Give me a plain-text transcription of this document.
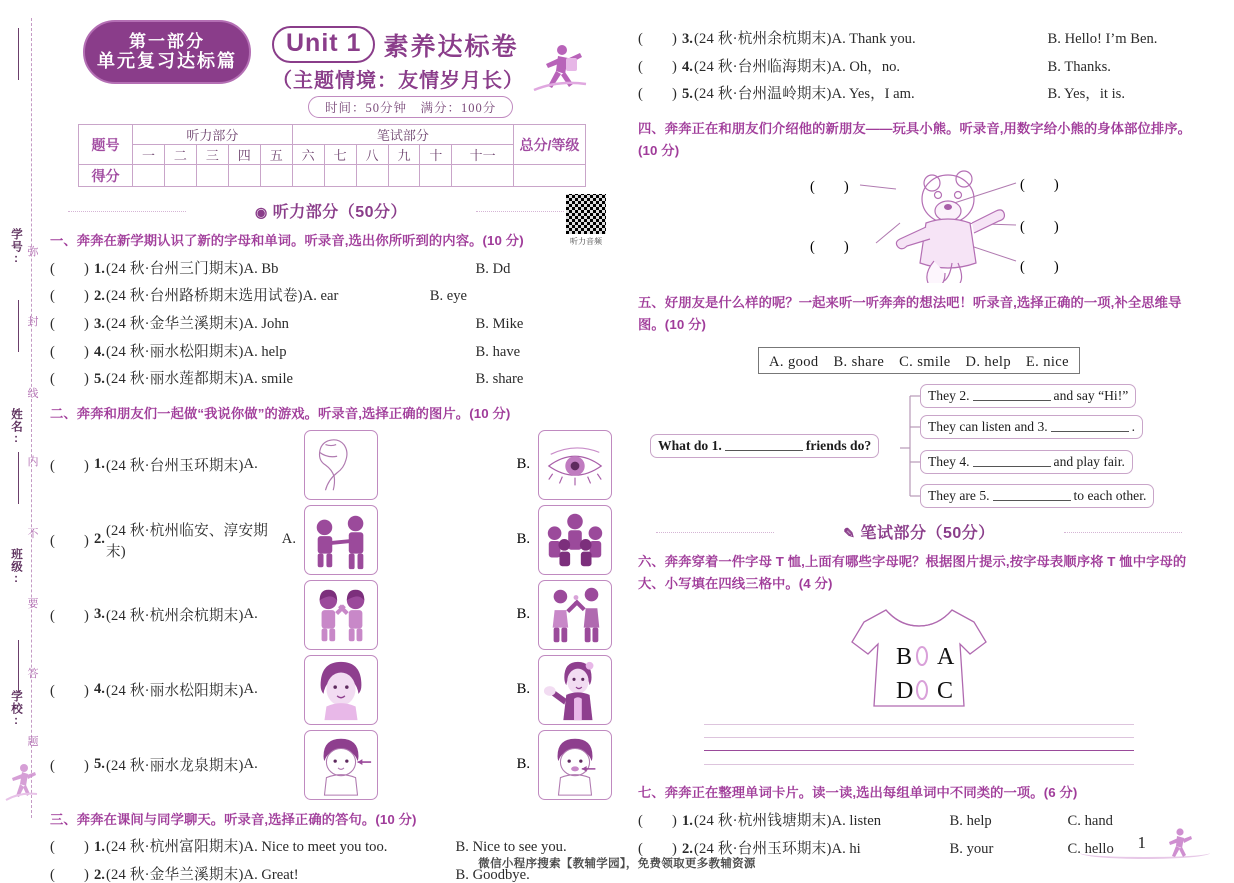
弥
封
线
内
不
要
答
题
学号:
姓名:
班级:
学校:
第一部分
单元复习达标篇
Unit 1 素养达标卷
（主题情境：友情岁月长）
时间：50分钟　满分：100分
题号	听力部分					笔试部分						总分/等级
	一	二	三	四	五	六	七	八	九	十	十一	
得分												
◉ 听力部分（50分）
听力音频
一、奔奔在新学期认识了新的字母和单词。听录音,选出你所听到的内容。(10 分)
(　　) 1. (24 秋·台州三门期末) A. Bb	B. Dd
(　　) 2. (24 秋·台州路桥期末选用试卷) A. ear	B. eye
(　　) 3. (24 秋·金华兰溪期末) A. John	B. Mike
(　　) 4. (24 秋·丽水松阳期末) A. help	B. have
(　　) 5. (24 秋·丽水莲都期末) A. smile	B. share
二、奔奔和朋友们一起做“我说你做”的游戏。听录音,选择正确的图片。(10 分)
(　　) 1. (24 秋·台州玉环期末) A.	B.
(　　) 2.
(24 秋·杭州临安、淳安期末)
A.	B.
(　　) 3. (24 秋·杭州余杭期末) A.	B.
(　　) 4. (24 秋·丽水松阳期末) A.	B.
(　　) 5. (24 秋·丽水龙泉期末) A.	B.
三、奔奔在课间与同学聊天。听录音,选择正确的答句。(10 分)
(　　) 1. (24 秋·杭州富阳期末) A. Nice to meet you too.	B. Nice to see you.
(　　) 2. (24 秋·金华兰溪期末) A. Great!	B. Goodbye.
(　　) 3. (24 秋·杭州余杭期末) A. Thank you.	B. Hello! I’m Ben.
(　　) 4. (24 秋·台州临海期末) A. Oh，no.	B. Thanks.
(　　) 5. (24 秋·台州温岭期末) A. Yes，I am.	B. Yes，it is.
四、奔奔正在和朋友们介绍他的新朋友——玩具小熊。听录音,用数字给小熊的身体部位排序。(10 分)
(　　)	(　　)
(　　)
(　　)
(　　)
五、好朋友是什么样的呢？一起来听一听奔奔的想法吧！听录音,选择正确的一项,补全思维导图。(10 分)
A. good　B. share　C. smile　D. help　E. nice
What do 1.	friends do?
They 2.	and say “Hi!”
They can listen and 3.	.
They 4.	and play fair.
They are 5.	to each other.
✎ 笔试部分（50分）
六、奔奔穿着一件字母 T 恤,上面有哪些字母呢？根据图片提示,按字母表顺序将 T 恤中字母的大、小写填在四线三格中。(4 分)
B A
D C
七、奔奔正在整理单词卡片。读一读,选出每组单词中不同类的一项。(6 分)
(　　) 1. (24 秋·杭州钱塘期末) A. listen	B. help	C. hand
(　　) 2. (24 秋·台州玉环期末) A. hi	B. your	C. hello
微信小程序搜索【教辅学园】，免费领取更多教辅资源
1
